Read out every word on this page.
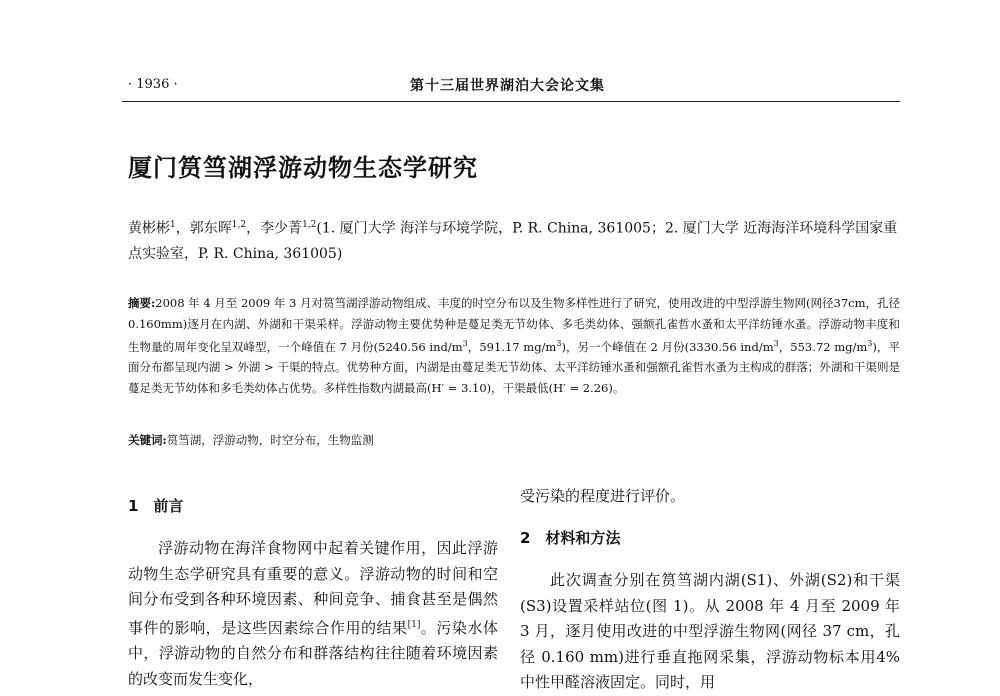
· 1936 ·	第十三届世界湖泊大会论文集
厦门筼筜湖浮游动物生态学研究
黄彬彬$^1$，郭东晖$^{1,2}$，李少菁$^{1,2}$(1. 厦门大学 海洋与环境学院，P. R. China, 361005；2. 厦门大学 近海海洋环境科学国家重点实验室，P. R. China, 361005)
摘要:2008 年 4 月至 2009 年 3 月对筼筜湖浮游动物组成、丰度的时空分布以及生物多样性进行了研究，使用改进的中型浮游生物网(网径37cm，孔径0.160mm)逐月在内湖、外湖和干渠采样。浮游动物主要优势种是蔓足类无节幼体、多毛类幼体、强额孔雀哲水蚤和太平洋纺锤水蚤。浮游动物丰度和生物量的周年变化呈双峰型，一个峰值在 7 月份(5240.56 ind/$m^3$，591.17 $mg/m^3$)，另一个峰值在 2 月份(3330.56 ind/$m^3$，553.72 $mg/m^3$)，平面分布都呈现内湖 > 外湖 > 干渠的特点。优势种方面，内湖是由蔓足类无节幼体、太平洋纺锤水蚤和强额孔雀哲水蚤为主构成的群落；外湖和干渠则是蔓足类无节幼体和多毛类幼体占优势。多样性指数内湖最高(H′ = 3.10)，干渠最低(H′ = 2.26)。
关键词:筼筜湖，浮游动物，时空分布，生物监测
1　前言
浮游动物在海洋食物网中起着关键作用，因此浮游动物生态学研究具有重要的意义。浮游动物的时间和空间分布受到各种环境因素、种间竞争、捕食甚至是偶然事件的影响，是这些因素综合作用的结果[1]。污染水体中，浮游动物的自然分布和群落结构往往随着环境因素的改变而发生变化，
受污染的程度进行评价。
2　材料和方法
此次调查分别在筼筜湖内湖(S1)、外湖(S2)和干渠(S3)设置采样站位(图 1)。从 2008 年 4 月至 2009 年 3 月，逐月使用改进的中型浮游生物网(网径 37 cm，孔径 0.160 mm)进行垂直拖网采集，浮游动物标本用4%中性甲醛溶液固定。同时，用
